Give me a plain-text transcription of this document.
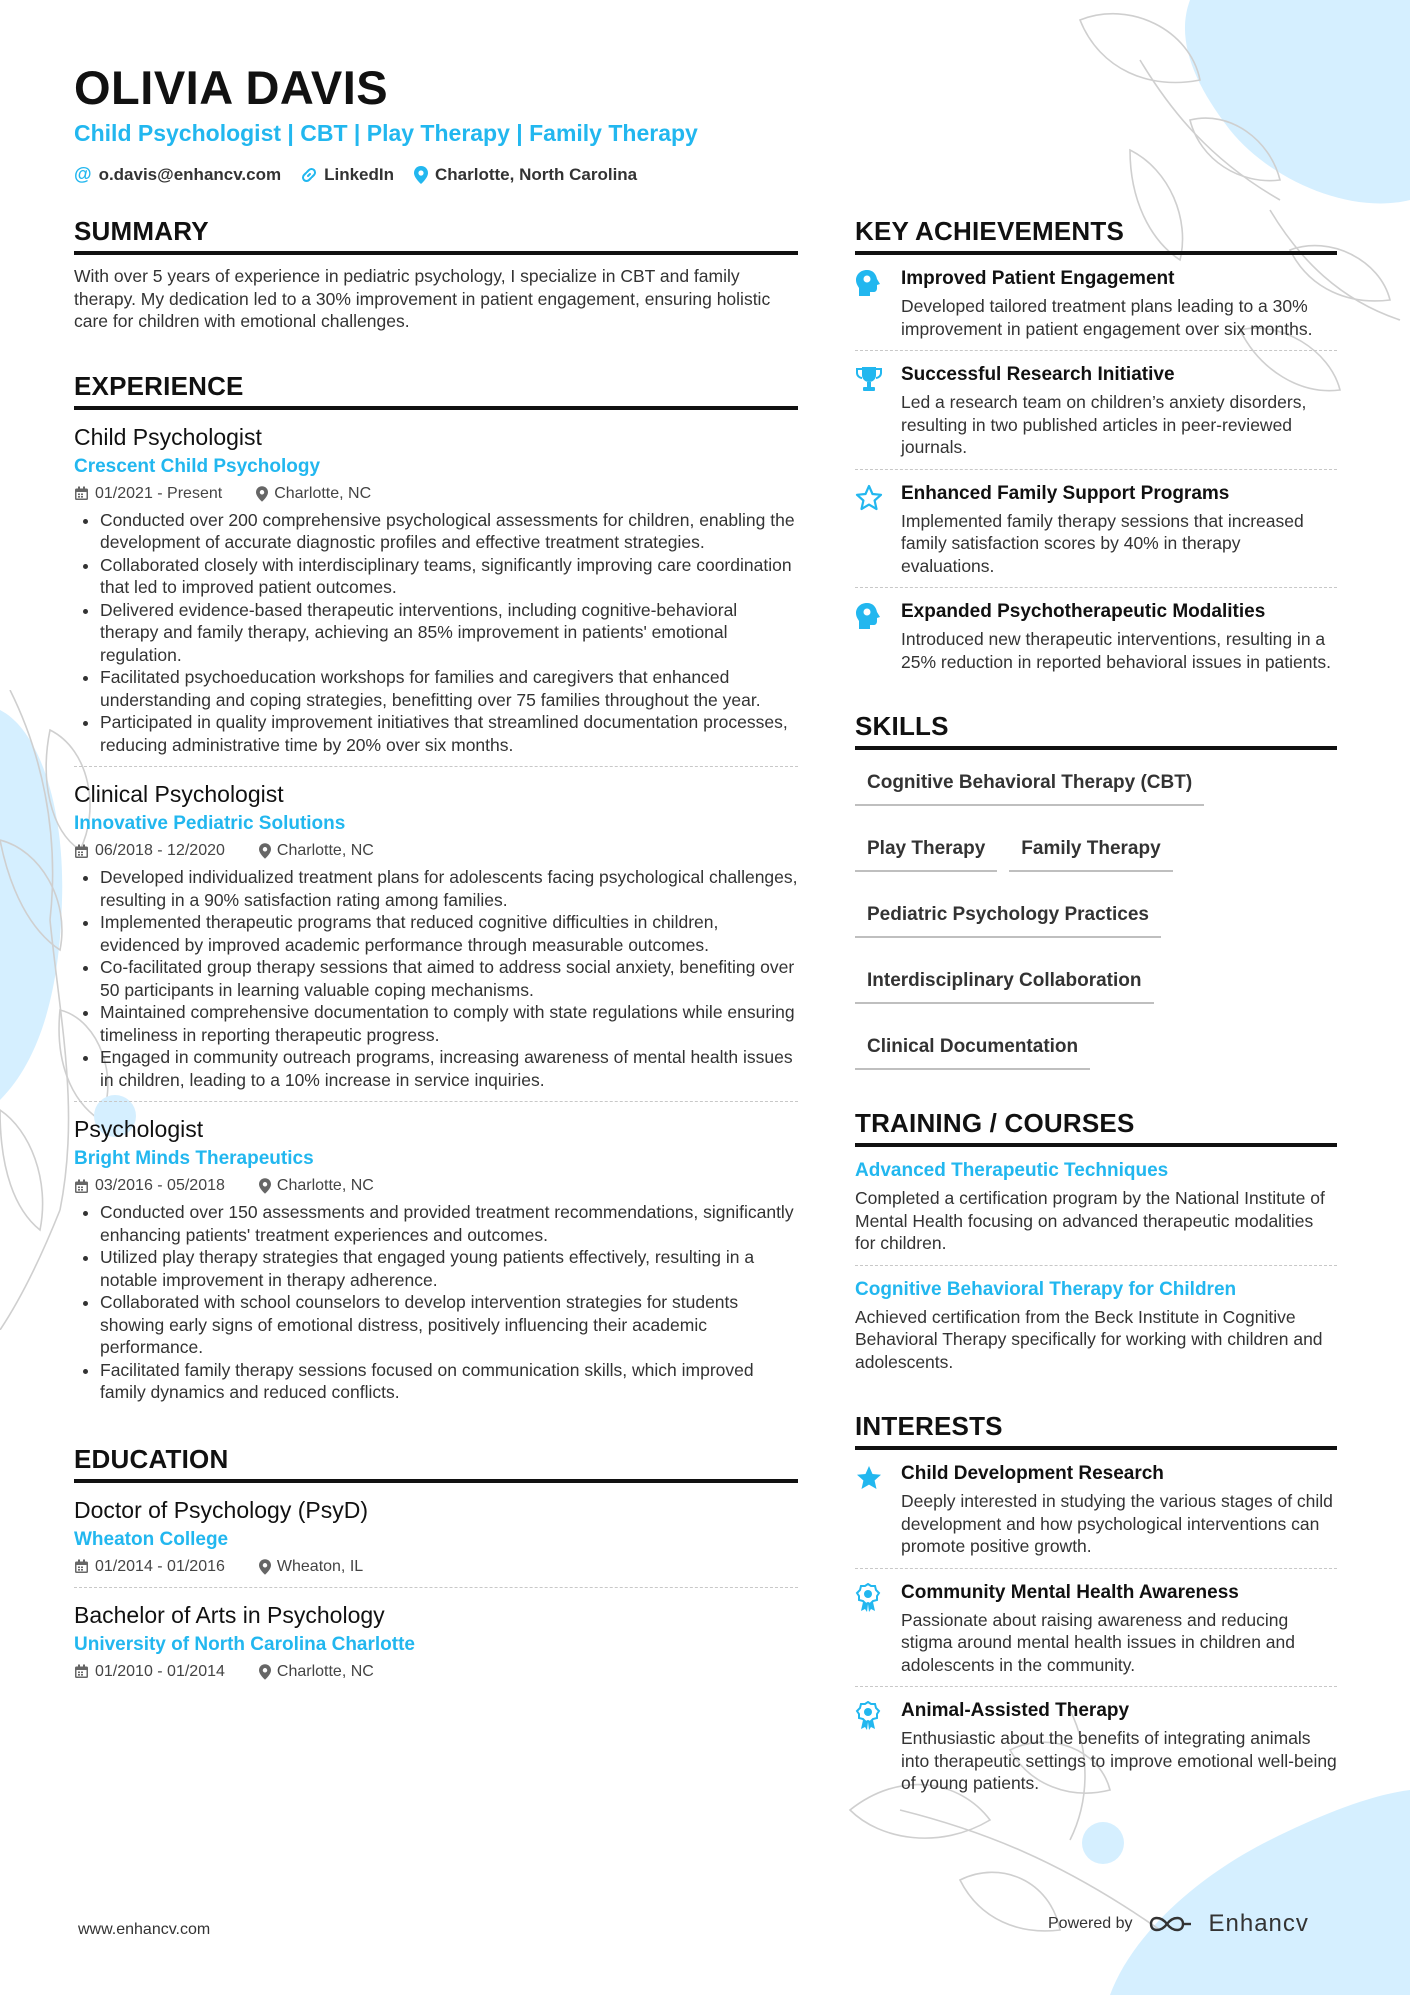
OLIVIA DAVIS
Child Psychologist | CBT | Play Therapy | Family Therapy
@ o.davis@enhancv.com	LinkedIn Charlotte, North Carolina
SUMMARY

With over 5 years of experience in pediatric psychology, I specialize in CBT and family therapy. My dedication led to a 30% improvement in patient engagement, ensuring holistic care for children with emotional challenges.

EXPERIENCE
Child Psychologist
Crescent Child Psychology
01/2021 - Present	Charlotte, NC
• Conducted over 200 comprehensive psychological assessments for children, enabling the development of accurate diagnostic profiles and effective treatment strategies.
• Collaborated closely with interdisciplinary teams, significantly improving care coordination that led to improved patient outcomes.
• Delivered evidence-based therapeutic interventions, including cognitive-behavioral therapy and family therapy, achieving an 85% improvement in patients' emotional regulation.
• Facilitated psychoeducation workshops for families and caregivers that enhanced understanding and coping strategies, benefitting over 75 families throughout the year.
• Participated in quality improvement initiatives that streamlined documentation processes, reducing administrative time by 20% over six months.
Clinical Psychologist
Innovative Pediatric Solutions
06/2018 - 12/2020	Charlotte, NC
• Developed individualized treatment plans for adolescents facing psychological challenges, resulting in a 90% satisfaction rating among families.
• Implemented therapeutic programs that reduced cognitive difficulties in children, evidenced by improved academic performance through measurable outcomes.
• Co-facilitated group therapy sessions that aimed to address social anxiety, benefiting over 50 participants in learning valuable coping mechanisms.
• Maintained comprehensive documentation to comply with state regulations while ensuring timeliness in reporting therapeutic progress.
• Engaged in community outreach programs, increasing awareness of mental health issues in children, leading to a 10% increase in service inquiries.
Psychologist
Bright Minds Therapeutics
03/2016 - 05/2018	Charlotte, NC
• Conducted over 150 assessments and provided treatment recommendations, significantly enhancing patients' treatment experiences and outcomes.
• Utilized play therapy strategies that engaged young patients effectively, resulting in a notable improvement in therapy adherence.
• Collaborated with school counselors to develop intervention strategies for students showing early signs of emotional distress, positively influencing their academic performance.
• Facilitated family therapy sessions focused on communication skills, which improved family dynamics and reduced conflicts.
EDUCATION
Doctor of Psychology (PsyD)
Wheaton College
01/2014 - 01/2016	Wheaton, IL
Bachelor of Arts in Psychology
University of North Carolina Charlotte
01/2010 - 01/2014	Charlotte, NC
KEY ACHIEVEMENTS
Improved Patient Engagement
Developed tailored treatment plans leading to a 30% improvement in patient engagement over six months.
Successful Research Initiative
Led a research team on children’s anxiety disorders, resulting in two published articles in peer-reviewed journals.
Enhanced Family Support Programs
Implemented family therapy sessions that increased family satisfaction scores by 40% in therapy evaluations.
Expanded Psychotherapeutic Modalities
Introduced new therapeutic interventions, resulting in a 25% reduction in reported behavioral issues in patients.
SKILLS
Cognitive Behavioral Therapy (CBT)
Play Therapy	Family Therapy
Pediatric Psychology Practices
Interdisciplinary Collaboration
Clinical Documentation
TRAINING / COURSES
Advanced Therapeutic Techniques
Completed a certification program by the National Institute of Mental Health focusing on advanced therapeutic modalities for children.
Cognitive Behavioral Therapy for Children
Achieved certification from the Beck Institute in Cognitive Behavioral Therapy specifically for working with children and adolescents.
INTERESTS
Child Development Research
Deeply interested in studying the various stages of child development and how psychological interventions can promote positive growth.
Community Mental Health Awareness
Passionate about raising awareness and reducing stigma around mental health issues in children and adolescents in the community.
Animal-Assisted Therapy
Enthusiastic about the benefits of integrating animals into therapeutic settings to improve emotional well-being of young patients.
www.enhancv.com	Powered by	Enhancv
